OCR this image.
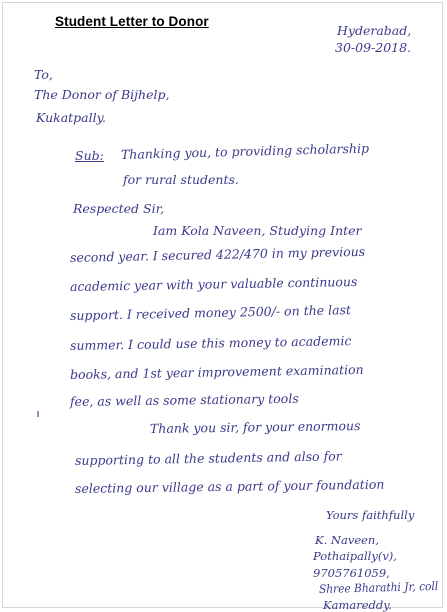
Student Letter to Donor
Hyderabad,
30-09-2018.
To,
The Donor of Bijhelp,
Kukatpally.
Sub: Thanking you, to providing scholarship
for rural students.
Respected Sir,
Iam Kola Naveen, Studying Inter
second year. I secured 422/470 in my previous
academic year with your valuable continuous
support. I received money 2500/- on the last
summer. I could use this money to academic
books, and 1st year improvement examination
fee, as well as some stationary tools
Thank you sir, for your enormous
supporting to all the students and also for
selecting our village as a part of your foundation
Yours faithfully
K. Naveen,
Pothaipally(v),
9705761059,
Shree Bharathi Jr, coll
Kamareddy.
